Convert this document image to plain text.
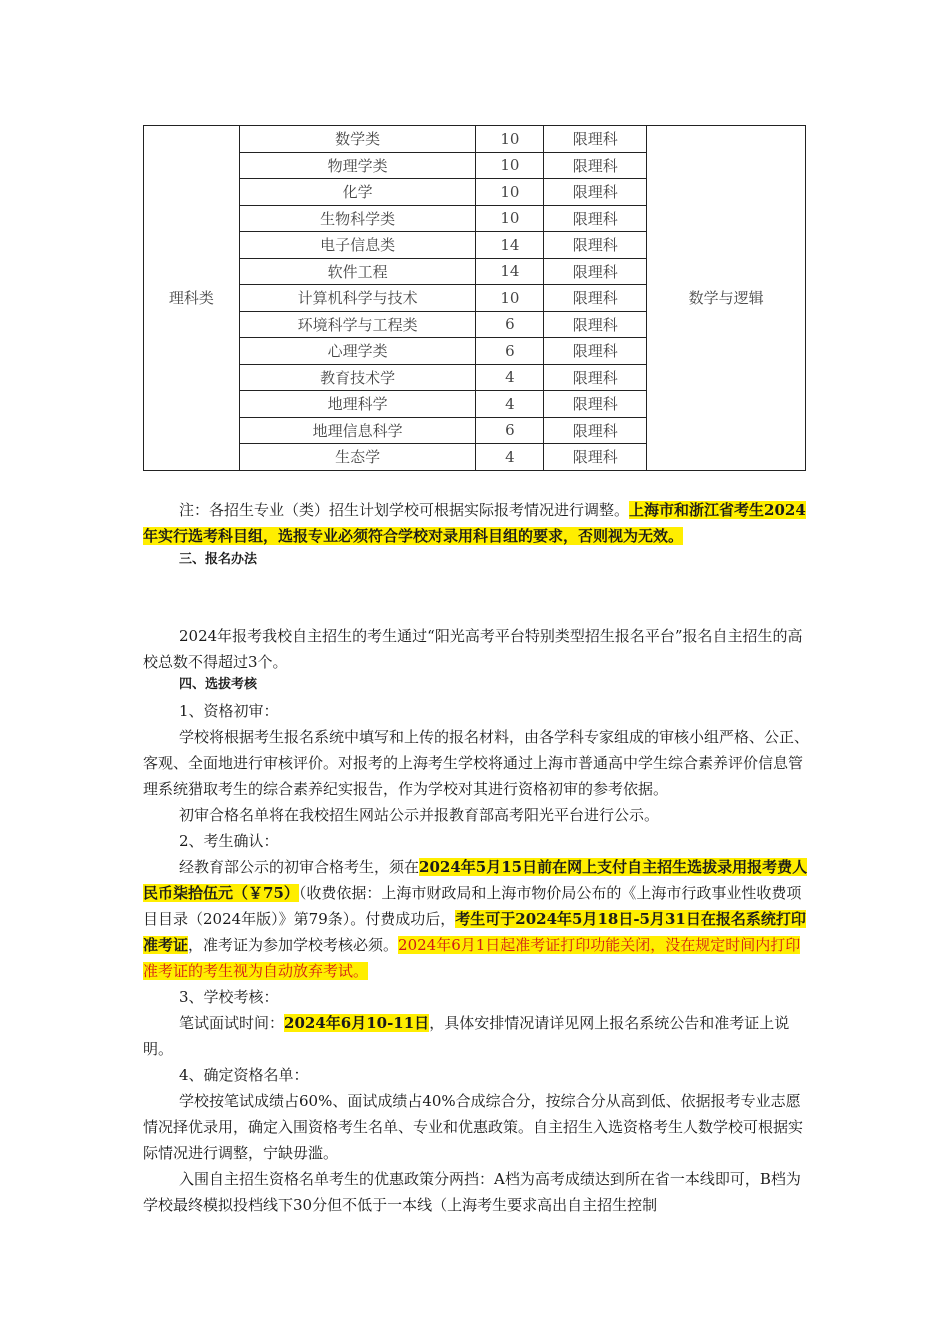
理科类	数学类	10	限理科	数学与逻辑
	物理学类	10	限理科	
	化学	10	限理科	
	生物科学类	10	限理科	
	电子信息类	14	限理科	
	软件工程	14	限理科	
	计算机科学与技术	10	限理科	
	环境科学与工程类	6	限理科	
	心理学类	6	限理科	
	教育技术学	4	限理科	
	地理科学	4	限理科	
	地理信息科学	6	限理科	
	生态学	4	限理科	

注：各招生专业（类）招生计划学校可根据实际报考情况进行调整。上海市和浙江省考生2024年实行选考科目组，选报专业必须符合学校对录用科目组的要求，否则视为无效。

三、报名办法

2024年报考我校自主招生的考生通过“阳光高考平台特别类型招生报名平台”报名自主招生的高校总数不得超过3个。

四、选拔考核

1、资格初审：

学校将根据考生报名系统中填写和上传的报名材料，由各学科专家组成的审核小组严格、公正、客观、全面地进行审核评价。对报考的上海考生学校将通过上海市普通高中学生综合素养评价信息管理系统猎取考生的综合素养纪实报告，作为学校对其进行资格初审的参考依据。

初审合格名单将在我校招生网站公示并报教育部高考阳光平台进行公示。

2、考生确认：

经教育部公示的初审合格考生，须在2024年5月15日前在网上支付自主招生选拔录用报考费人民币柒拾伍元（￥75）（收费依据：上海市财政局和上海市物价局公布的《上海市行政事业性收费项目目录（2024年版）》第79条）。付费成功后，考生可于2024年5月18日-5月31日在报名系统打印准考证，准考证为参加学校考核必须。2024年6月1日起准考证打印功能关闭，没在规定时间内打印准考证的考生视为自动放弃考试。

3、学校考核：

笔试面试时间：2024年6月10-11日，具体安排情况请详见网上报名系统公告和准考证上说明。

4、确定资格名单：

学校按笔试成绩占60%、面试成绩占40%合成综合分，按综合分从高到低、依据报考专业志愿情况择优录用，确定入围资格考生名单、专业和优惠政策。自主招生入选资格考生人数学校可根据实际情况进行调整，宁缺毋滥。

入围自主招生资格名单考生的优惠政策分两挡：A档为高考成绩达到所在省一本线即可，B档为学校最终模拟投档线下30分但不低于一本线（上海考生要求高出自主招生控制
